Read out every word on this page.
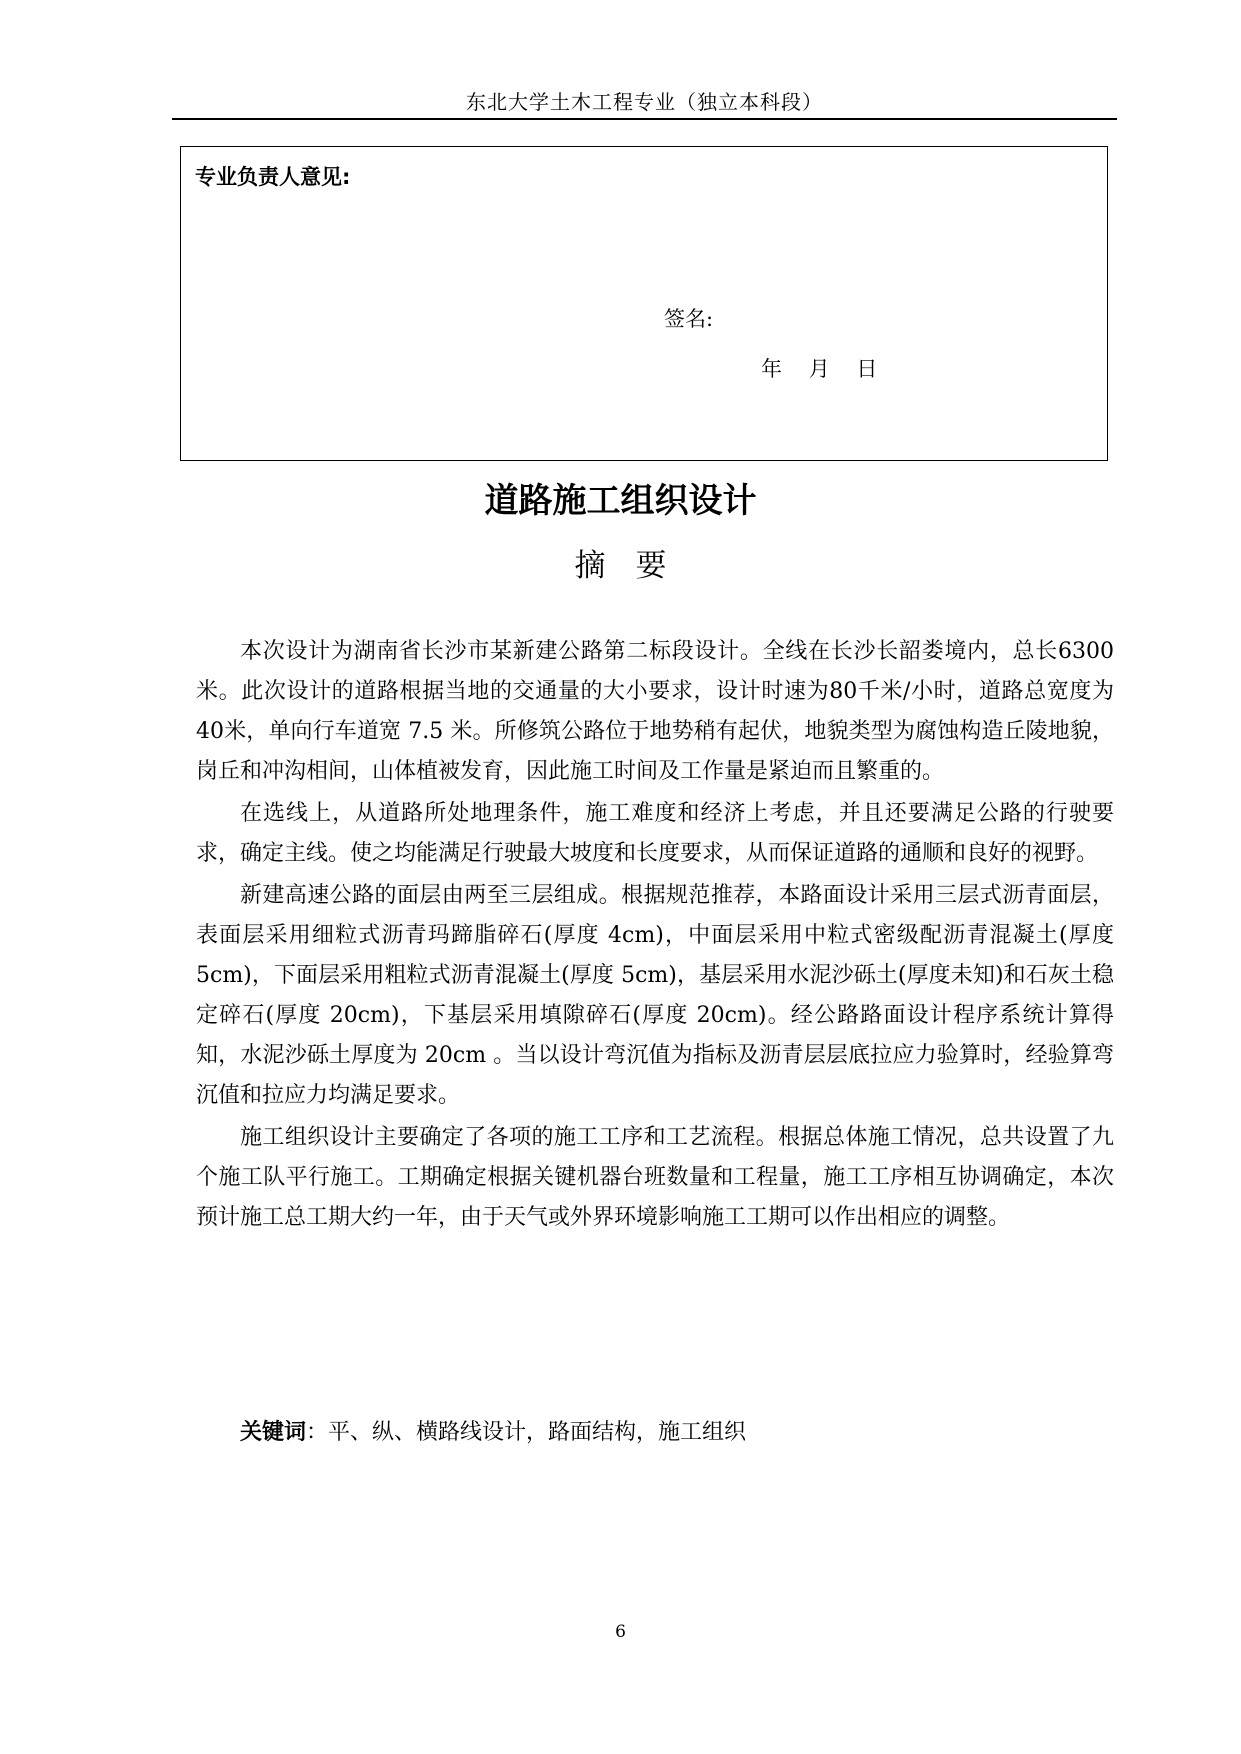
东北大学土木工程专业（独立本科段）
专业负责人意见:
签名:
年    月    日
道路施工组织设计
摘要

本次设计为湖南省长沙市某新建公路第二标段设计。全线在长沙长韶娄境内，总长6300米。此次设计的道路根据当地的交通量的大小要求，设计时速为80千米/小时，道路总宽度为40米，单向行车道宽 7.5 米。所修筑公路位于地势稍有起伏，地貌类型为腐蚀构造丘陵地貌，岗丘和冲沟相间，山体植被发育，因此施工时间及工作量是紧迫而且繁重的。

在选线上，从道路所处地理条件，施工难度和经济上考虑，并且还要满足公路的行驶要求，确定主线。使之均能满足行驶最大坡度和长度要求，从而保证道路的通顺和良好的视野。

新建高速公路的面层由两至三层组成。根据规范推荐，本路面设计采用三层式沥青面层，表面层采用细粒式沥青玛蹄脂碎石(厚度 4cm)，中面层采用中粒式密级配沥青混凝土(厚度 5cm)，下面层采用粗粒式沥青混凝土(厚度 5cm)，基层采用水泥沙砾土(厚度未知)和石灰土稳定碎石(厚度 20cm)，下基层采用填隙碎石(厚度 20cm)。经公路路面设计程序系统计算得知，水泥沙砾土厚度为 20cm 。当以设计弯沉值为指标及沥青层层底拉应力验算时，经验算弯沉值和拉应力均满足要求。

施工组织设计主要确定了各项的施工工序和工艺流程。根据总体施工情况，总共设置了九个施工队平行施工。工期确定根据关键机器台班数量和工程量，施工工序相互协调确定，本次预计施工总工期大约一年，由于天气或外界环境影响施工工期可以作出相应的调整。

关键词：平、纵、横路线设计，路面结构，施工组织
6
